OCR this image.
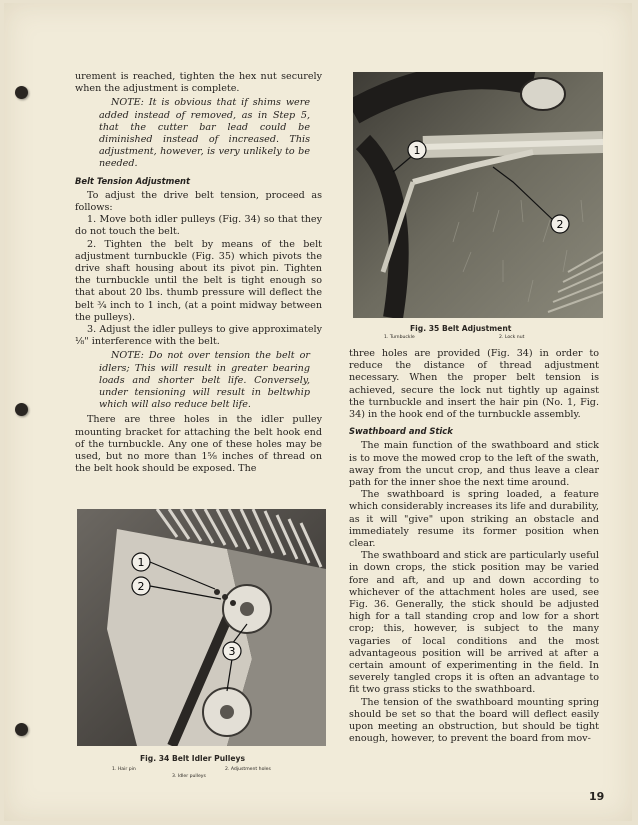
urement is reached, tighten the hex nut securely when the adjustment is complete.

NOTE: It is obvious that if shims were added instead of removed, as in Step 5, that the cutter bar lead could be diminished instead of increased. This adjustment, however, is very unlikely to be needed.

Belt Tension Adjustment

To adjust the drive belt tension, proceed as follows:

1. Move both idler pulleys (Fig. 34) so that they do not touch the belt.

2. Tighten the belt by means of the belt adjustment turnbuckle (Fig. 35) which pivots the drive shaft housing about its pivot pin. Tighten the turnbuckle until the belt is tight enough so that about 20 lbs. thumb pressure will deflect the belt ¾ inch to 1 inch, (at a point midway between the pulleys).

3. Adjust the idler pulleys to give approximately ⅛" interference with the belt.

NOTE: Do not over tension the belt or idlers; This will result in greater bearing loads and shorter belt life. Conversely, under tensioning will result in beltwhip which will also reduce belt life.

There are three holes in the idler pulley mounting bracket for attaching the belt hook end of the turnbuckle. Any one of these holes may be used, but no more than 1⅝ inches of thread on the belt hook should be exposed. The

1
2
3
Fig. 34 Belt Idler Pulleys
1. Hair pin	2. Adjustment holes
3. Idler pulleys
1
2
Fig. 35 Belt Adjustment
1. Turnbuckle	2. Lock nut

three holes are provided (Fig. 34) in order to reduce the distance of thread adjustment necessary. When the proper belt tension is achieved, secure the lock nut tightly up against the turnbuckle and insert the hair pin (No. 1, Fig. 34) in the hook end of the turnbuckle assembly.

Swathboard and Stick

The main function of the swathboard and stick is to move the mowed crop to the left of the swath, away from the uncut crop, and thus leave a clear path for the inner shoe the next time around.

The swathboard is spring loaded, a feature which considerably increases its life and durability, as it will "give" upon striking an obstacle and immediately resume its former position when clear.

The swathboard and stick are particularly useful in down crops, the stick position may be varied fore and aft, and up and down according to whichever of the attachment holes are used, see Fig. 36. Generally, the stick should be adjusted high for a tall standing crop and low for a short crop; this, however, is subject to the many vagaries of local conditions and the most advantageous position will be arrived at after a certain amount of experimenting in the field. In severely tangled crops it is often an advantage to fit two grass sticks to the swathboard.

The tension of the swathboard mounting spring should be set so that the board will deflect easily upon meeting an obstruction, but should be tight enough, however, to prevent the board from mov-

19
